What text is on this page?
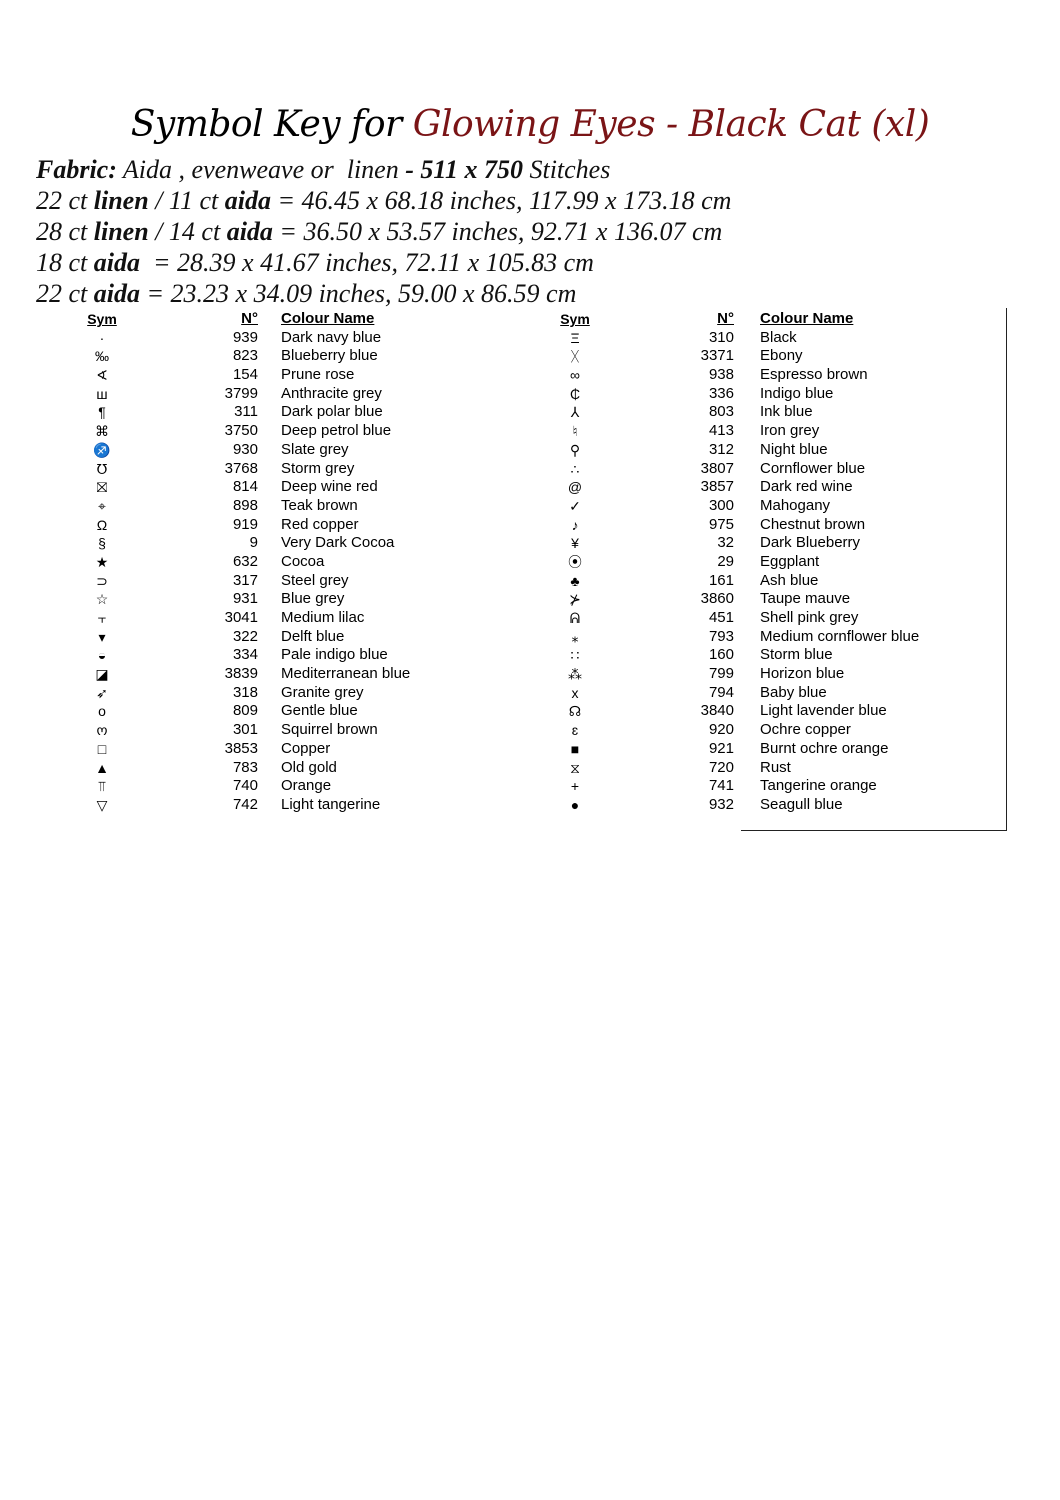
Symbol Key for Glowing Eyes - Black Cat (xl)
Fabric: Aida , evenweave or  linen - 511 x 750 Stitches
22 ct linen / 11 ct aida = 46.45 x 68.18 inches, 117.99 x 173.18 cm
28 ct linen / 14 ct aida = 36.50 x 53.57 inches, 92.71 x 136.07 cm
18 ct aida  = 28.39 x 41.67 inches, 72.11 x 105.83 cm
22 ct aida = 23.23 x 34.09 inches, 59.00 x 86.59 cm
Sym	N° Colour Name
·	939 Dark navy blue
‰	823 Blueberry blue
∢	154 Prune rose
ш	3799 Anthracite grey
¶	311 Dark polar blue
⌘	3750 Deep petrol blue
♐	930 Slate grey
℧	3768 Storm grey
⛝	814 Deep wine red
⌖	898 Teak brown
Ω	919 Red copper
§	9 Very Dark Cocoa
★	632 Cocoa
⊃	317 Steel grey
☆	931 Blue grey
⫟	3041 Medium lilac
▾	322 Delft blue
◒	334 Pale indigo blue
◪	3839 Mediterranean blue
➶	318 Granite grey
o	809 Gentle blue
ო	301 Squirrel brown
□	3853 Copper
▲	783 Old gold
⫪	740 Orange
▽	742 Light tangerine
Sym	N° Colour Name
Ξ	310 Black
ᚷ	3371 Ebony
∞	938 Espresso brown
₵	336 Indigo blue
⅄	803 Ink blue
♮	413 Iron grey
⚲	312 Night blue
∴	3807 Cornflower blue
@	3857 Dark red wine
✓	300 Mahogany
♪	975 Chestnut brown
¥	32 Dark Blueberry
⦿	29 Eggplant
♣	161 Ash blue
⊁	3860 Taupe mauve
ᕱ	451 Shell pink grey
⁎	793 Medium cornflower blue
∷	160 Storm blue
⁂	799 Horizon blue
x	794 Baby blue
☊	3840 Light lavender blue
ɛ	920 Ochre copper
■	921 Burnt ochre orange
⧖	720 Rust
+	741 Tangerine orange
●	932 Seagull blue
